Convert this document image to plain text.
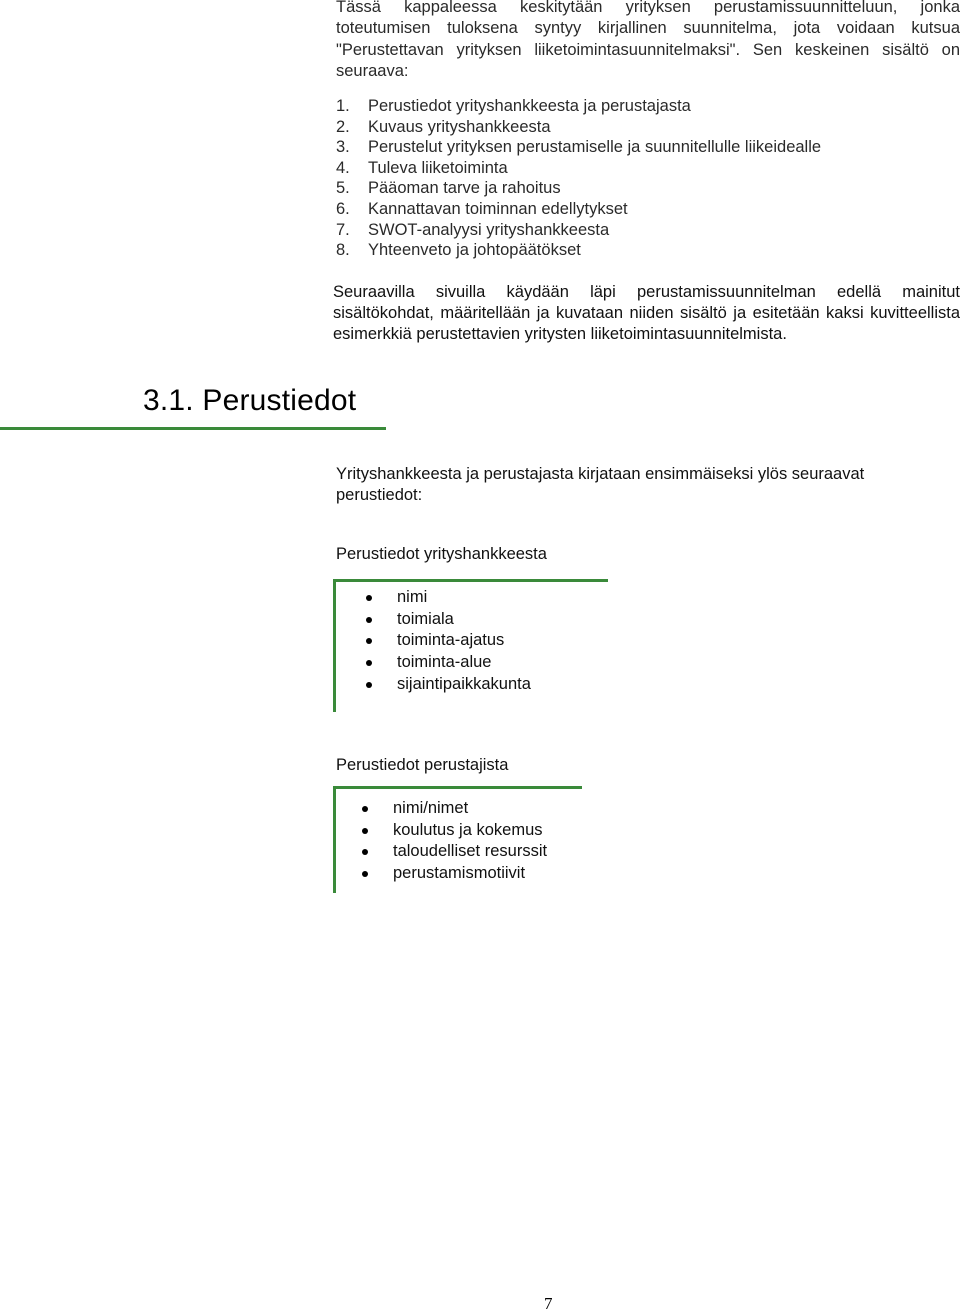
Tässä kappaleessa keskitytään yrityksen perustamissuunnitteluun, jonka toteutumisen tuloksena syntyy kirjallinen suunnitelma, jota voidaan kutsua "Perustettavan yrityksen liiketoimintasuunnitelmaksi". Sen keskeinen sisältö on seuraava:

1.	Perustiedot yrityshankkeesta ja perustajasta
2.	Kuvaus yrityshankkeesta
3.	Perustelut yrityksen perustamiselle ja suunnitellulle liikeidealle
4.	Tuleva liiketoiminta
5.	Pääoman tarve ja rahoitus
6.	Kannattavan toiminnan edellytykset
7.	SWOT-analyysi yrityshankkeesta
8.	Yhteenveto ja johtopäätökset

Seuraavilla sivuilla käydään läpi perustamissuunnitelman edellä mainitut sisältökohdat, määritellään ja kuvataan niiden sisältö ja esitetään kaksi kuvitteellista esimerkkiä perustettavien yritysten liiketoimintasuunnitelmista.

3.1. Perustiedot

Yrityshankkeesta ja perustajasta kirjataan ensimmäiseksi ylös seuraavat perustiedot:

Perustiedot yrityshankkeesta

nimi
toimiala
toiminta-ajatus
toiminta-alue
sijaintipaikkakunta

Perustiedot perustajista

nimi/nimet
koulutus ja kokemus
taloudelliset resurssit
perustamismotiivit
7
